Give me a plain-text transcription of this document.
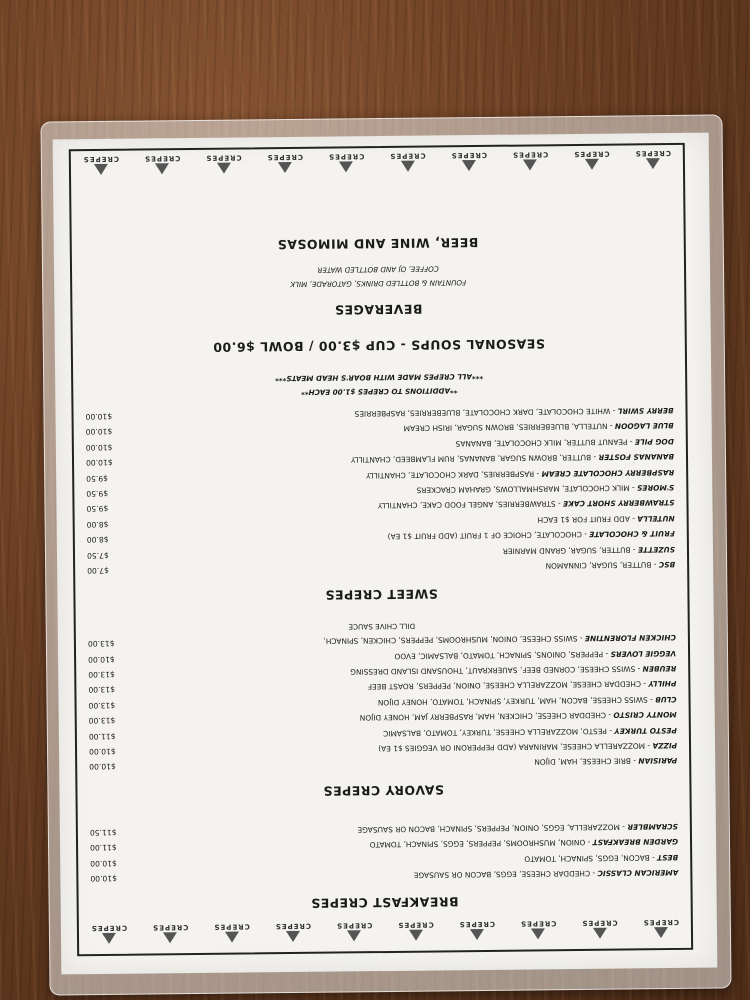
CREPES
CREPES
CREPES
CREPES
CREPES
CREPES
CREPES
CREPES
CREPES
CREPES
BREAKFAST CREPES
AMERICAN CLASSIC - CHEDDAR CHEESE, EGGS, BACON OR SAUSAGE
$10.00
BEST - BACON, EGGS, SPINACH, TOMATO
$10.00
GARDEN BREAKFAST - ONION, MUSHROOMS, PEPPERS, EGGS, SPINACH, TOMATO
$11.00
SCRAMBLER - MOZZARELLA, EGGS, ONION, PEPPERS, SPINACH, BACON OR SAUSAGE
$11.50
SAVORY CREPES
PARISIAN - BRIE CHEESE, HAM, DIJON
$10.00
PIZZA - MOZZARELLA CHEESE, MARINARA (ADD PEPPERONI OR VEGGIES $1 EA)
$10.00
PESTO TURKEY - PESTO, MOZZARELLA CHEESE, TURKEY, TOMATO, BALSAMIC
$11.00
MONTY CRISTO - CHEDDAR CHEESE, CHICKEN, HAM, RASPBERRY JAM, HONEY DIJON
$13.00
CLUB - SWISS CHEESE, BACON, HAM, TURKEY, SPINACH, TOMATO, HONEY DIJON
$13.00
PHILLY - CHEDDAR CHEESE, MOZZARELLA CHEESE, ONION, PEPPERS, ROAST BEEF
$13.00
REUBEN - SWISS CHEESE, CORNED BEEF, SAUERKRAUT, THOUSAND ISLAND DRESSING
$13.00
VEGGIE LOVERS - PEPPERS, ONIONS, SPINACH, TOMATO, BALSAMIC, EVOO
$10.00
CHICKEN FLORENTINE - SWISS CHEESE, ONION, MUSHROOMS, PEPPERS, CHICKEN, SPINACH,
$13.00
DILL CHIVE SAUCE
SWEET CREPES
BSC - BUTTER, SUGAR, CINNAMON
$7.00
SUZETTE - BUTTER, SUGAR, GRAND MARNIER
$7.50
FRUIT & CHOCOLATE - CHOCOLATE, CHOICE OF 1 FRUIT (ADD FRUIT $1 EA)
$8.00
NUTELLA - ADD FRUIT FOR $1 EACH
$8.00
STRAWBERRY SHORT CAKE - STRAWBERRIES, ANGEL FOOD CAKE, CHANTILLY
$9.50
S'MORES - MILK CHOCOLATE, MARSHMALLOWS, GRAHAM CRACKERS
$9.50
RASPBERRY CHOCOLATE CREAM - RASPBERRIES, DARK CHOCOLATE, CHANTILLY
$9.50
BANANAS FOSTER - BUTTER, BROWN SUGAR, BANANAS, RUM FLAMBEED, CHANTILLY
$10.00
DOG PILE - PEANUT BUTTER, MILK CHOCOLATE, BANANAS
$10.00
BLUE LAGOON - NUTELLA, BLUEBERRIES, BROWN SUGAR, IRISH CREAM
$10.00
BERRY SWIRL - WHITE CHOCOLATE, DARK CHOCOLATE, BLUEBERRIES, RASPBERRIES
$10.00
**ADDITIONS TO CREPES $1.00 EACH**
***ALL CREPES MADE WITH BOAR'S HEAD MEATS***
SEASONAL SOUPS - CUP $3.00 / BOWL $6.00
BEVERAGES
FOUNTAIN & BOTTLED DRINKS, GATORADE, MILK
COFFEE, OJ AND BOTTLED WATER
BEER, WINE AND MIMOSAS
CREPES
CREPES
CREPES
CREPES
CREPES
CREPES
CREPES
CREPES
CREPES
CREPES
